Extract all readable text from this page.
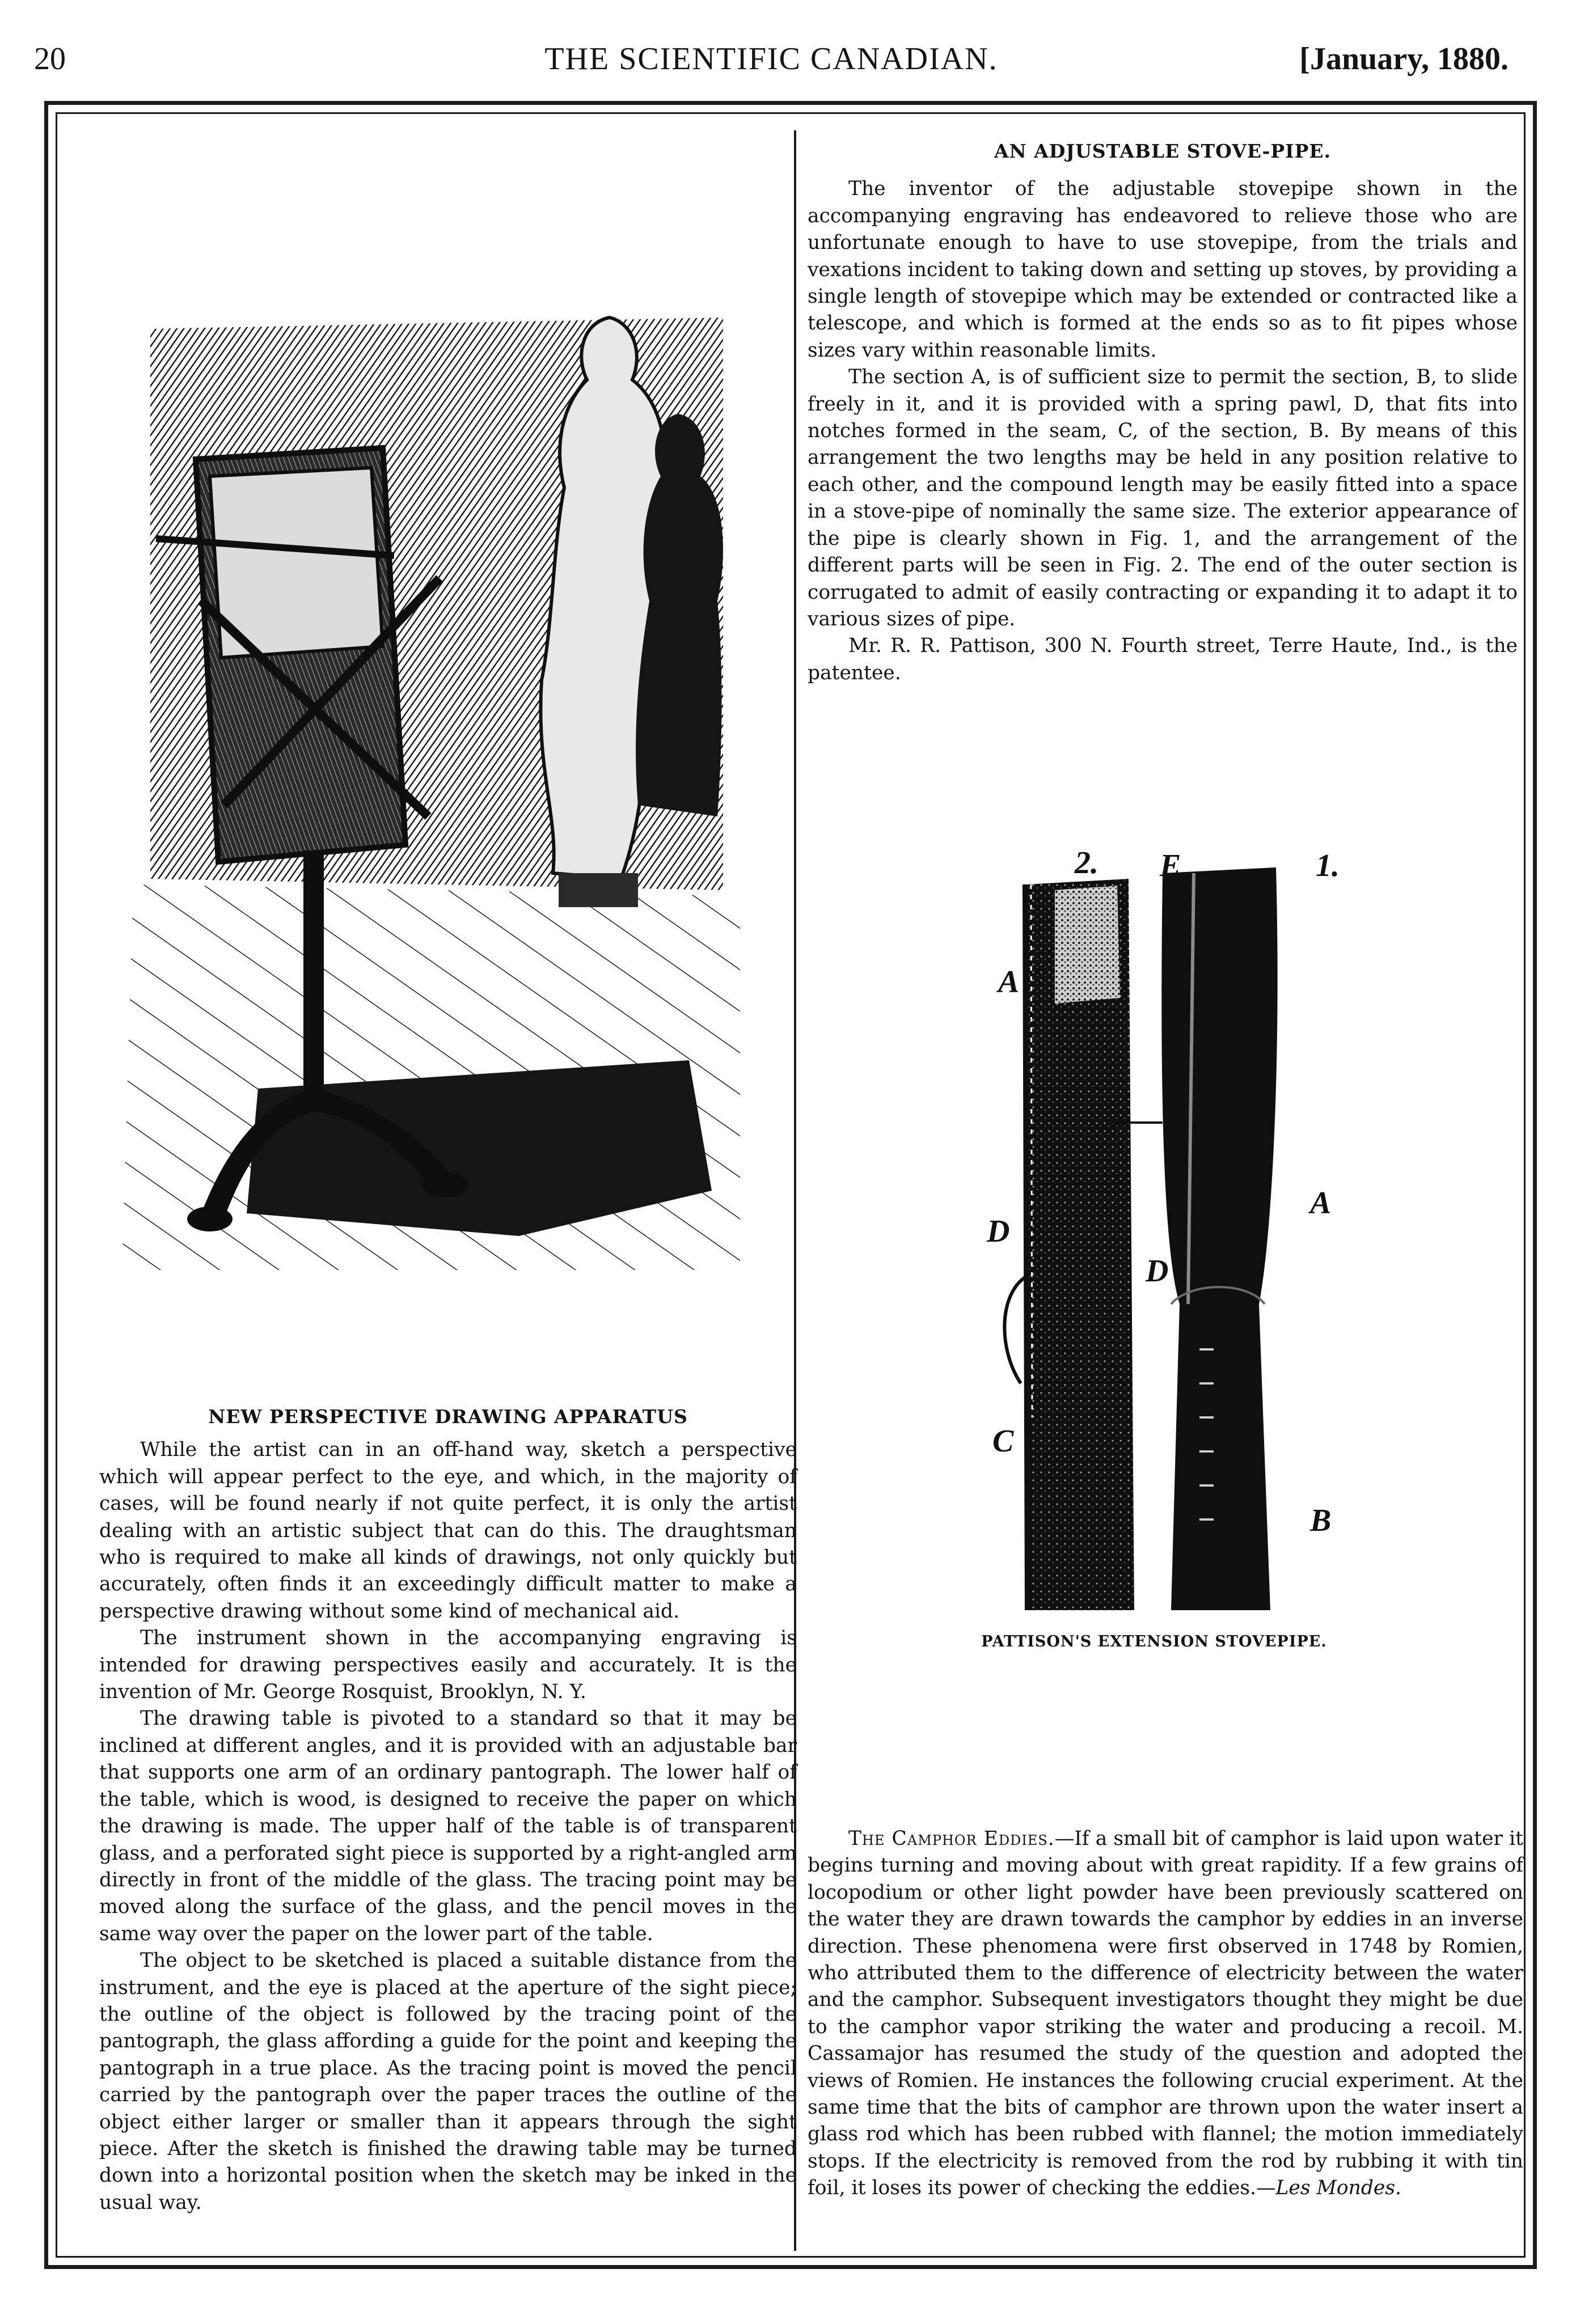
20	THE SCIENTIFIC CANADIAN.	[January, 1880.
NEW PERSPECTIVE DRAWING APPARATUS

While the artist can in an off-hand way, sketch a perspective which will appear perfect to the eye, and which, in the majority of cases, will be found nearly if not quite perfect, it is only the artist dealing with an artistic subject that can do this. The draughtsman who is required to make all kinds of drawings, not only quickly but accurately, often finds it an exceedingly difficult matter to make a perspective drawing without some kind of mechanical aid.

The instrument shown in the accompanying engraving is intended for drawing perspectives easily and accurately. It is the invention of Mr. George Rosquist, Brooklyn, N. Y.

The drawing table is pivoted to a standard so that it may be inclined at different angles, and it is provided with an adjustable bar that supports one arm of an ordinary pantograph. The lower half of the table, which is wood, is designed to receive the paper on which the drawing is made. The upper half of the table is of transparent glass, and a perforated sight piece is supported by a right-angled arm directly in front of the middle of the glass. The tracing point may be moved along the surface of the glass, and the pencil moves in the same way over the paper on the lower part of the table.

The object to be sketched is placed a suitable distance from the instrument, and the eye is placed at the aperture of the sight piece; the outline of the object is followed by the tracing point of the pantograph, the glass affording a guide for the point and keeping the pantograph in a true place. As the tracing point is moved the pencil carried by the pantograph over the paper traces the outline of the object either larger or smaller than it appears through the sight piece. After the sketch is finished the drawing table may be turned down into a horizontal position when the sketch may be inked in the usual way.

AN ADJUSTABLE STOVE-PIPE.

The inventor of the adjustable stovepipe shown in the accompanying engraving has endeavored to relieve those who are unfortunate enough to have to use stovepipe, from the trials and vexations incident to taking down and setting up stoves, by providing a single length of stovepipe which may be extended or contracted like a telescope, and which is formed at the ends so as to fit pipes whose sizes vary within reasonable limits.

The section A, is of sufficient size to permit the section, B, to slide freely in it, and it is provided with a spring pawl, D, that fits into notches formed in the seam, C, of the section, B. By means of this arrangement the two lengths may be held in any position relative to each other, and the compound length may be easily fitted into a space in a stove-pipe of nominally the same size. The exterior appearance of the pipe is clearly shown in Fig. 1, and the arrangement of the different parts will be seen in Fig. 2. The end of the outer section is corrugated to admit of easily contracting or expanding it to adapt it to various sizes of pipe.

Mr. R. R. Pattison, 300 N. Fourth street, Terre Haute, Ind., is the patentee.

2. E	1.
A
A
D
D
C
B
PATTISON'S EXTENSION STOVEPIPE.

The Camphor Eddies.—If a small bit of camphor is laid upon water it begins turning and moving about with great rapidity. If a few grains of locopodium or other light powder have been previously scattered on the water they are drawn towards the camphor by eddies in an inverse direction. These phenomena were first observed in 1748 by Romien, who attributed them to the difference of electricity between the water and the camphor. Subsequent investigators thought they might be due to the camphor vapor striking the water and producing a recoil. M. Cassamajor has resumed the study of the question and adopted the views of Romien. He instances the following crucial experiment. At the same time that the bits of camphor are thrown upon the water insert a glass rod which has been rubbed with flannel; the motion immediately stops. If the electricity is removed from the rod by rubbing it with tin foil, it loses its power of checking the eddies.—Les Mondes.
